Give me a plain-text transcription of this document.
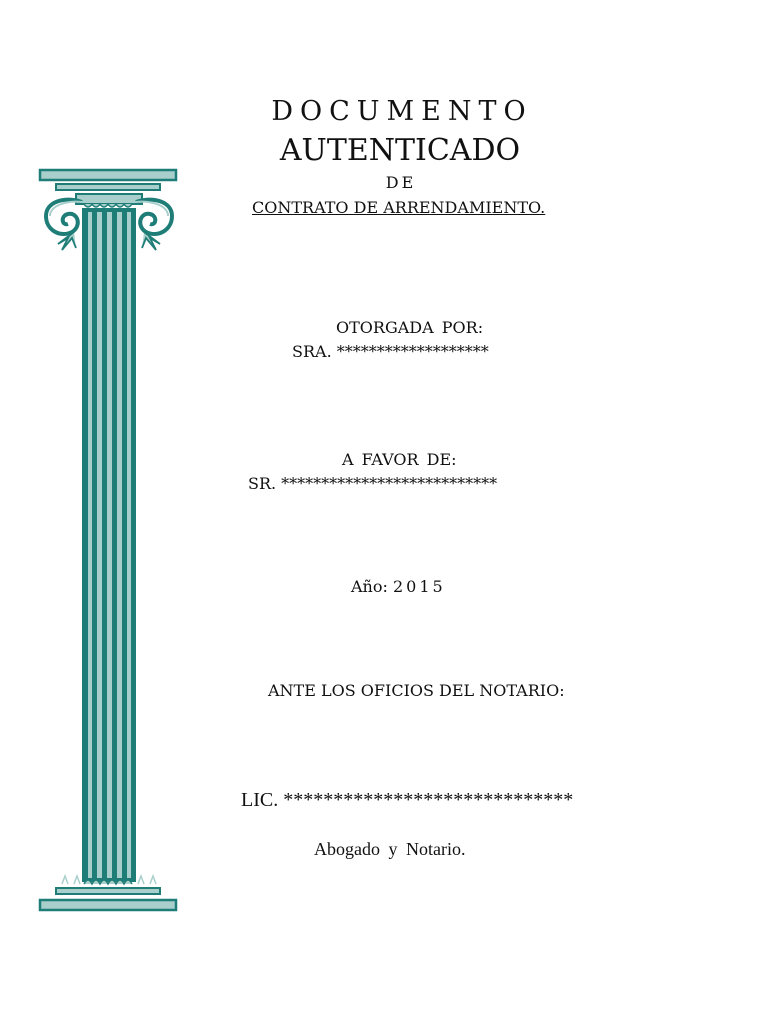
DOCUMENTO
AUTENTICADO
DE
CONTRATO DE ARRENDAMIENTO.
OTORGADA POR:
SRA. *******************
A FAVOR DE:
SR. ***************************
Año: 2015
ANTE LOS OFICIOS DEL NOTARIO:
LIC. *****************************
Abogado y Notario.
